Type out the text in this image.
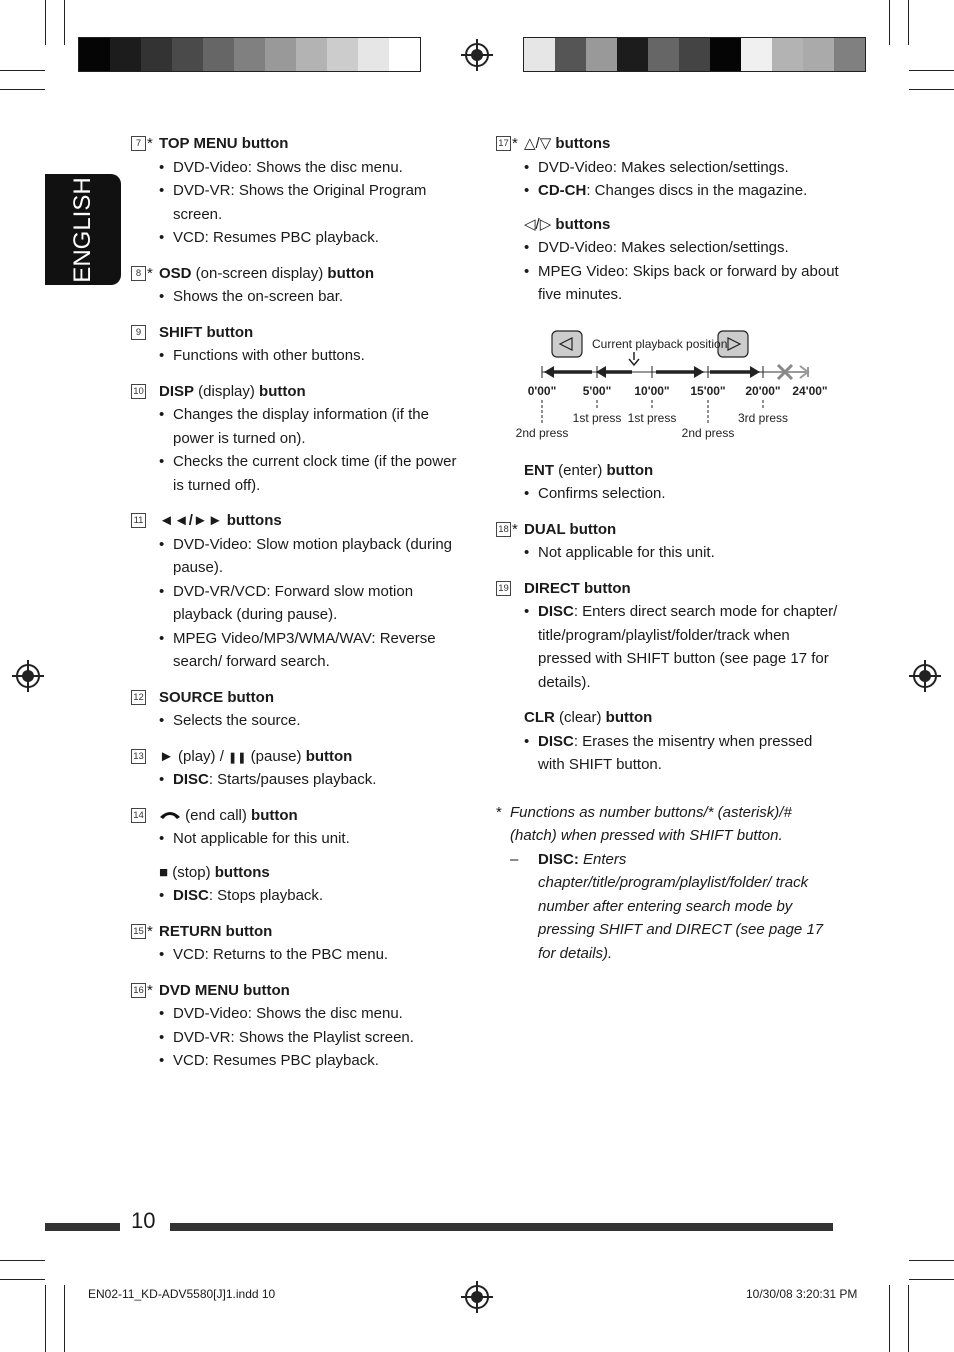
ENGLISH
7 * TOP MENU button
• DVD-Video: Shows the disc menu.
• DVD-VR: Shows the Original Program screen.
• VCD: Resumes PBC playback.
8 * OSD (on-screen display) button
• Shows the on-screen bar.
9	SHIFT button
• Functions with other buttons.
10 DISP (display) button
• Changes the display information (if the power is turned on).
• Checks the current clock time (if the power is turned off).
11 ◄◄/►► buttons
• DVD-Video: Slow motion playback (during pause).
• DVD-VR/VCD: Forward slow motion playback (during pause).
• MPEG Video/MP3/WMA/WAV: Reverse search/ forward search.
12 SOURCE button
• Selects the source.
13 ► (play) / ❚❚ (pause) button
• DISC: Starts/pauses playback.
14	(end call) button
• Not applicable for this unit.
■ (stop) buttons
• DISC: Stops playback.
15 * RETURN button
• VCD: Returns to the PBC menu.
16 * DVD MENU button
• DVD-Video: Shows the disc menu.
• DVD-VR: Shows the Playlist screen.
• VCD: Resumes PBC playback.
17 * △/▽ buttons
• DVD-Video: Makes selection/settings.
• CD-CH: Changes discs in the magazine.
◁/▷ buttons
• DVD-Video: Makes selection/settings.
• MPEG Video: Skips back or forward by about five minutes.
Current playback position
0'00" 5'00" 10'00" 15'00" 20'00" 24'00"
2nd press
1st press 1st press
2nd press
3rd press
ENT (enter) button
• Confirms selection.
18 * DUAL button
• Not applicable for this unit.
19 DIRECT button
• DISC: Enters direct search mode for chapter/ title/program/playlist/folder/track when pressed with SHIFT button (see page 17 for details).
CLR (clear) button
• DISC: Erases the misentry when pressed with SHIFT button.
* Functions as number buttons/* (asterisk)/# (hatch) when pressed with SHIFT button.
– DISC: Enters chapter/title/program/playlist/folder/ track number after entering search mode by pressing SHIFT and DIRECT (see page 17 for details).
10
EN02-11_KD-ADV5580[J]1.indd 10	10/30/08 3:20:31 PM
